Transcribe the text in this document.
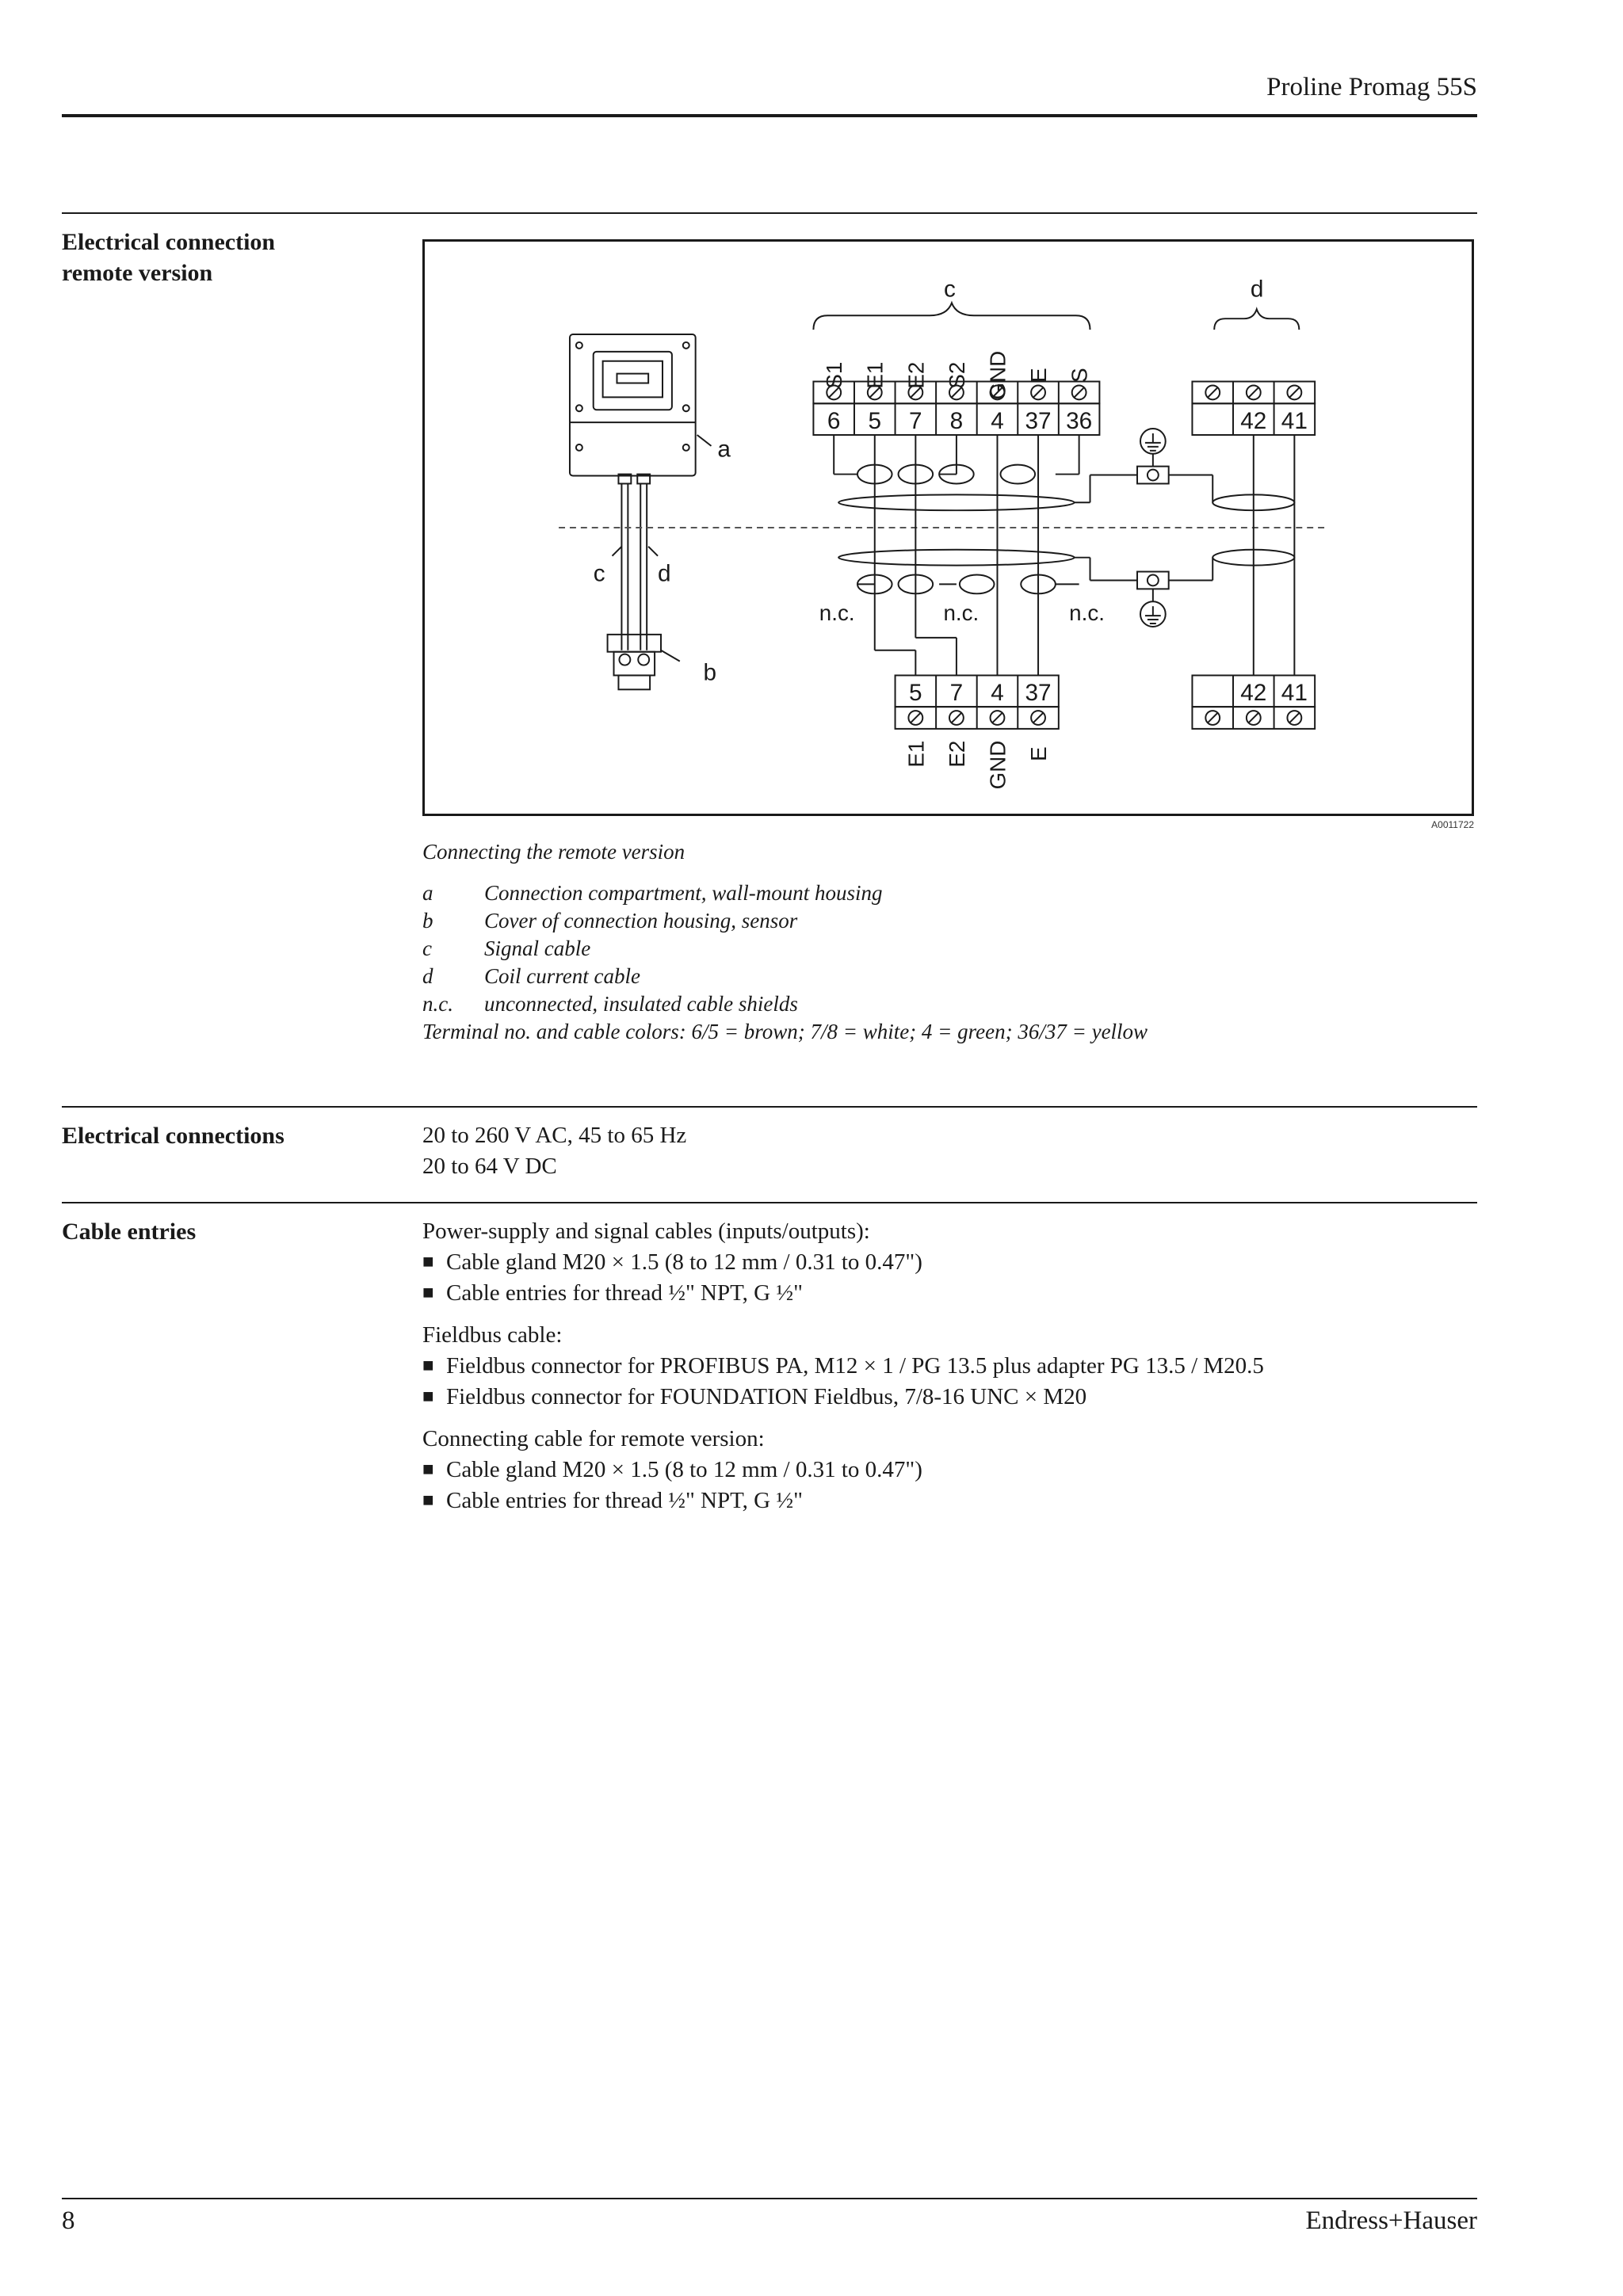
Proline Promag 55S
Electrical connection
remote version
a
b
c d
c	d
S1 E1 E2 S2 GND E S
6 5 7 8 4 37 36	42 41
n.c.	n.c.	n.c.
5 7 4 37
E1 E2 GND E
42 41
A0011722
Connecting the remote version
a	Connection compartment, wall-mount housing
b	Cover of connection housing, sensor
c	Signal cable
d	Coil current cable
n.c.	unconnected, insulated cable shields
Terminal no. and cable colors: 6/5 = brown; 7/8 = white; 4 = green; 36/37 = yellow
Electrical connections	20 to 260 V AC, 45 to 65 Hz
20 to 64 V DC
Cable entries	Power-supply and signal cables (inputs/outputs):
■ Cable gland M20 × 1.5 (8 to 12 mm / 0.31 to 0.47")
■ Cable entries for thread ½" NPT, G ½"
Fieldbus cable:
■ Fieldbus connector for PROFIBUS PA, M12 × 1 / PG 13.5 plus adapter PG 13.5 / M20.5
■ Fieldbus connector for FOUNDATION Fieldbus, 7/8-16 UNC × M20
Connecting cable for remote version:
■ Cable gland M20 × 1.5 (8 to 12 mm / 0.31 to 0.47")
■ Cable entries for thread ½" NPT, G ½"
8	Endress+Hauser
